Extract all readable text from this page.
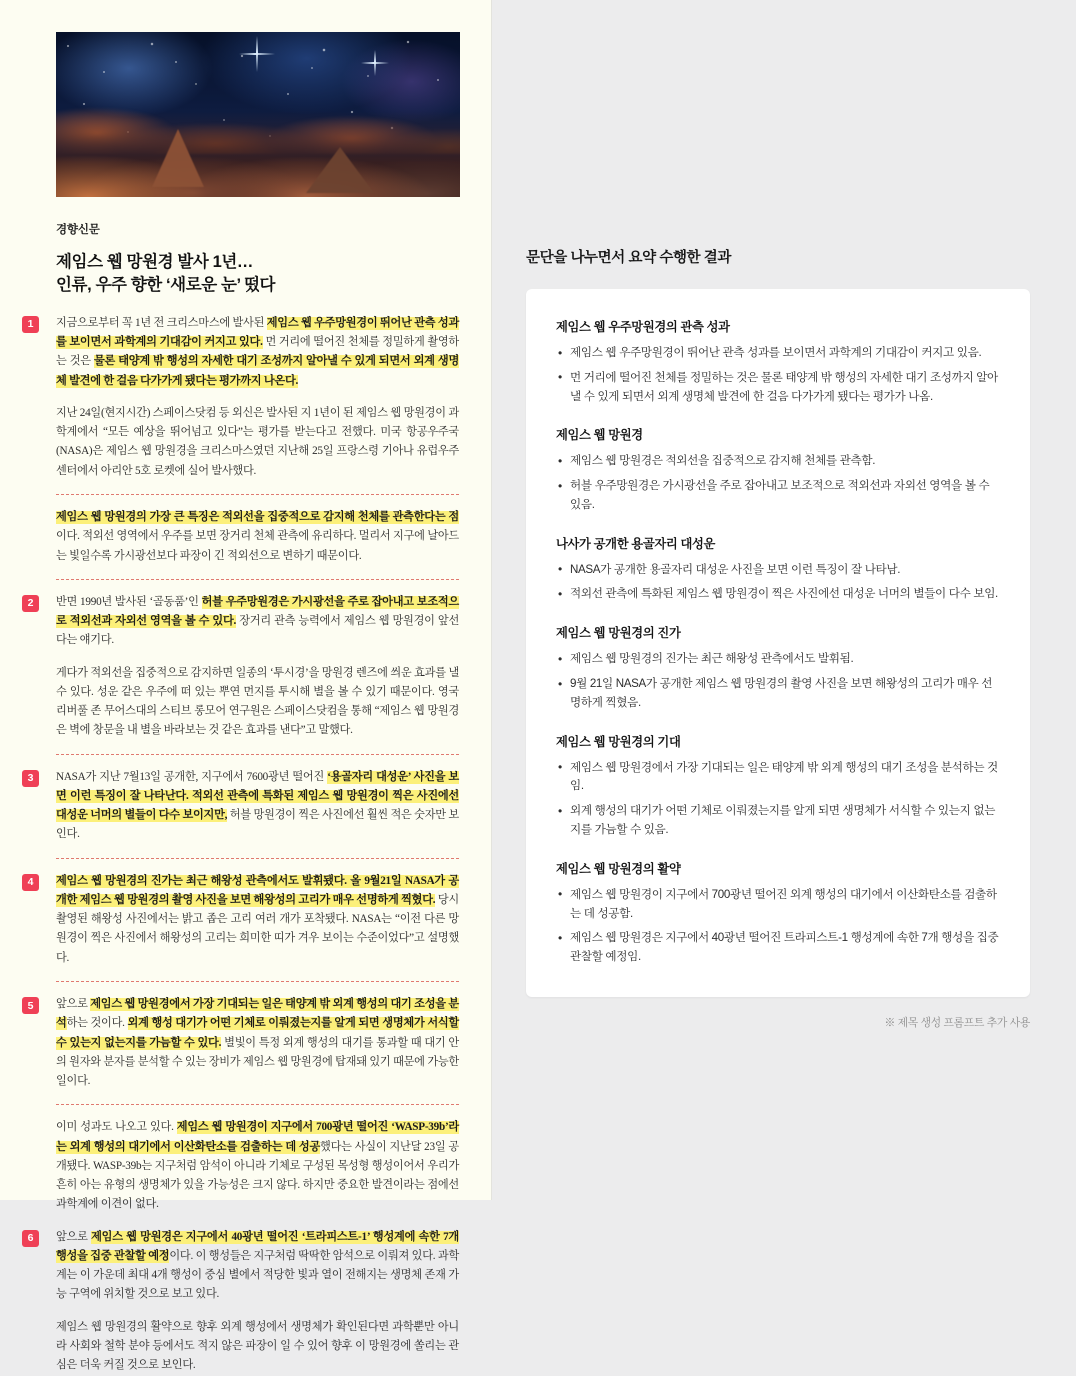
경향신문
제임스 웹 망원경 발사 1년…
인류, 우주 향한 ‘새로운 눈’ 떴다
1	지금으로부터 꼭 1년 전 크리스마스에 발사된 제임스 웹 우주망원경이 뛰어난 관측 성과를 보이면서 과학계의 기대감이 커지고 있다. 먼 거리에 떨어진 천체를 정밀하게 촬영하는 것은 물론 태양계 밖 행성의 자세한 대기 조성까지 알아낼 수 있게 되면서 외계 생명체 발견에 한 걸음 다가가게 됐다는 평가까지 나온다.

지난 24일(현지시간) 스페이스닷컴 등 외신은 발사된 지 1년이 된 제임스 웹 망원경이 과학계에서 “모든 예상을 뛰어넘고 있다”는 평가를 받는다고 전했다. 미국 항공우주국(NASA)은 제임스 웹 망원경을 크리스마스였던 지난해 25일 프랑스령 기아나 유럽우주센터에서 아리안 5호 로켓에 실어 발사했다.

제임스 웹 망원경의 가장 큰 특징은 적외선을 집중적으로 감지해 천체를 관측한다는 점이다. 적외선 영역에서 우주를 보면 장거리 천체 관측에 유리하다. 멀리서 지구에 날아드는 빛일수록 가시광선보다 파장이 긴 적외선으로 변하기 때문이다.

2	반면 1990년 발사된 ‘골동품’인 허블 우주망원경은 가시광선을 주로 잡아내고 보조적으로 적외선과 자외선 영역을 볼 수 있다. 장거리 관측 능력에서 제임스 웹 망원경이 앞선다는 얘기다.

게다가 적외선을 집중적으로 감지하면 일종의 ‘투시경’을 망원경 렌즈에 씌운 효과를 낼 수 있다. 성운 같은 우주에 떠 있는 뿌연 먼지를 투시해 별을 볼 수 있기 때문이다. 영국 리버풀 존 무어스대의 스티브 롱모어 연구원은 스페이스닷컴을 통해 “제임스 웹 망원경은 벽에 창문을 내 별을 바라보는 것 같은 효과를 낸다”고 말했다.

3	NASA가 지난 7월13일 공개한, 지구에서 7600광년 떨어진 ‘용골자리 대성운’ 사진을 보면 이런 특징이 잘 나타난다. 적외선 관측에 특화된 제임스 웹 망원경이 찍은 사진에선 대성운 너머의 별들이 다수 보이지만, 허블 망원경이 찍은 사진에선 훨씬 적은 숫자만 보인다.

4	제임스 웹 망원경의 진가는 최근 해왕성 관측에서도 발휘됐다. 올 9월21일 NASA가 공개한 제임스 웹 망원경의 촬영 사진을 보면 해왕성의 고리가 매우 선명하게 찍혔다. 당시 촬영된 해왕성 사진에서는 밝고 좁은 고리 여러 개가 포착됐다. NASA는 “이전 다른 망원경이 찍은 사진에서 해왕성의 고리는 희미한 띠가 겨우 보이는 수준이었다”고 설명했다.

5	앞으로 제임스 웹 망원경에서 가장 기대되는 일은 태양계 밖 외계 행성의 대기 조성을 분석하는 것이다. 외계 행성 대기가 어떤 기체로 이뤄졌는지를 알게 되면 생명체가 서식할 수 있는지 없는지를 가늠할 수 있다. 별빛이 특정 외계 행성의 대기를 통과할 때 대기 안의 원자와 분자를 분석할 수 있는 장비가 제임스 웹 망원경에 탑재돼 있기 때문에 가능한 일이다.

이미 성과도 나오고 있다. 제임스 웹 망원경이 지구에서 700광년 떨어진 ‘WASP-39b’라는 외계 행성의 대기에서 이산화탄소를 검출하는 데 성공했다는 사실이 지난달 23일 공개됐다. WASP-39b는 지구처럼 암석이 아니라 기체로 구성된 목성형 행성이어서 우리가 흔히 아는 유형의 생명체가 있을 가능성은 크지 않다. 하지만 중요한 발견이라는 점에선 과학계에 이견이 없다.

6	앞으로 제임스 웹 망원경은 지구에서 40광년 떨어진 ‘트라피스트-1’ 행성계에 속한 7개 행성을 집중 관찰할 예정이다. 이 행성들은 지구처럼 딱딱한 암석으로 이뤄져 있다. 과학계는 이 가운데 최대 4개 행성이 중심 별에서 적당한 빛과 열이 전해지는 생명체 존재 가능 구역에 위치할 것으로 보고 있다.

제임스 웹 망원경의 활약으로 향후 외계 행성에서 생명체가 확인된다면 과학뿐만 아니라 사회와 철학 분야 등에서도 적지 않은 파장이 일 수 있어 향후 이 망원경에 쏠리는 관심은 더욱 커질 것으로 보인다.

문단을 나누면서 요약 수행한 결과
제임스 웹 우주망원경의 관측 성과
• 제임스 웹 우주망원경이 뛰어난 관측 성과를 보이면서 과학계의 기대감이 커지고 있음.
• 먼 거리에 떨어진 천체를 정밀하는 것은 물론 태양계 밖 행성의 자세한 대기 조성까지 알아낼 수 있게 되면서 외계 생명체 발견에 한 걸음 다가가게 됐다는 평가가 나옴.
제임스 웹 망원경
• 제임스 웹 망원경은 적외선을 집중적으로 감지해 천체를 관측함.
• 허블 우주망원경은 가시광선을 주로 잡아내고 보조적으로 적외선과 자외선 영역을 볼 수 있음.
나사가 공개한 용골자리 대성운
• NASA가 공개한 용골자리 대성운 사진을 보면 이런 특징이 잘 나타남.
• 적외선 관측에 특화된 제임스 웹 망원경이 찍은 사진에선 대성운 너머의 별들이 다수 보임.
제임스 웹 망원경의 진가
• 제임스 웹 망원경의 진가는 최근 해왕성 관측에서도 발휘됨.
• 9월 21일 NASA가 공개한 제임스 웹 망원경의 촬영 사진을 보면 해왕성의 고리가 매우 선명하게 찍혔음.
제임스 웹 망원경의 기대
• 제임스 웹 망원경에서 가장 기대되는 일은 태양계 밖 외계 행성의 대기 조성을 분석하는 것임.
• 외계 행성의 대기가 어떤 기체로 이뤄졌는지를 알게 되면 생명체가 서식할 수 있는지 없는지를 가늠할 수 있음.
제임스 웹 망원경의 활약
• 제임스 웹 망원경이 지구에서 700광년 떨어진 외계 행성의 대기에서 이산화탄소를 검출하는 데 성공함.
• 제임스 웹 망원경은 지구에서 40광년 떨어진 트라피스트-1 행성계에 속한 7개 행성을 집중 관찰할 예정임.
※ 제목 생성 프롬프트 추가 사용
